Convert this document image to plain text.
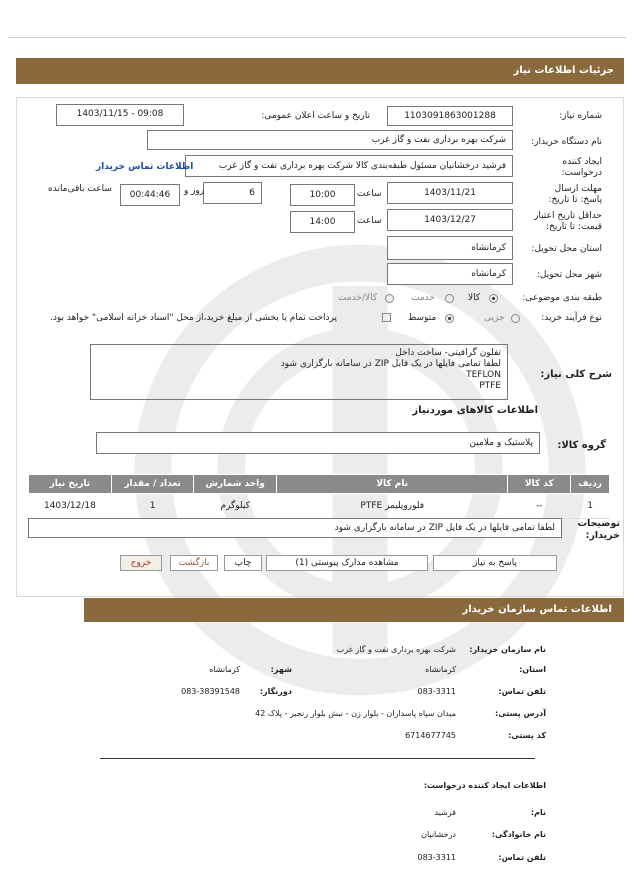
جزئیات اطلاعات نیاز
شماره نیاز:
1103091863001288
تاریخ و ساعت اعلان عمومی:
1403/11/15 - 09:08
نام دستگاه خریدار:
شرکت بهره برداری نفت و گاز غرب
ایجاد کننده درخواست:
فرشید درخشانیان مسئول طبقه‌بندی کالا شرکت بهره برداری نفت و گاز غرب
اطلاعات تماس خریدار
مهلت ارسال پاسخ: تا تاریخ:
1403/11/21
ساعت
10:00
6
روز و
00:44:46
ساعت باقی‌مانده
حداقل تاریخ اعتبار قیمت: تا تاریخ:
1403/12/27
ساعت
14:00
استان محل تحویل:
کرمانشاه
شهر محل تحویل:
کرمانشاه
طبقه بندی موضوعی:
کالا
خدمت
کالا/خدمت
نوع فرآیند خرید:
جزیی
متوسط
پرداخت تمام یا بخشی از مبلغ خرید،از محل "اسناد خزانه اسلامی" خواهد بود.
شرح کلی نیاز:
تفلون گرافیتی- ساخت داخل
لطفا تمامی فایلها در یک فایل ZIP در سامانه بارگزاری شود
TEFLON
PTFE
اطلاعات کالاهای موردنیاز
گروه کالا:
پلاستیک و ملامین
ردیف	کد کالا	نام کالا	واحد شمارش	تعداد / مقدار	تاریخ نیاز
1	--	فلوروپلیمر PTFE	کیلوگرم	1	1403/12/18
توضیحات خریدار:
لطفا تمامی فایلها در یک فایل ZIP در سامانه بارگزاری شود
پاسخ به نیاز
مشاهده مدارک پیوستی (1)
چاپ
بازگشت
خروج
اطلاعات تماس سازمان خریدار
نام سازمان خریدار:
شرکت بهره برداری نفت و گاز غرب
استان:
کرمانشاه
شهر:
کرمانشاه
تلفن تماس:
083-3311
دورنگار:
083-38391548
آدرس پستی:
میدان سپاه پاسداران - بلوار زن - نبش بلوار رنجبر - پلاک 42
کد پستی:
6714677745
اطلاعات ایجاد کننده درخواست:
نام:
فرشید
نام خانوادگی:
درخشانیان
تلفن تماس:
083-3311
